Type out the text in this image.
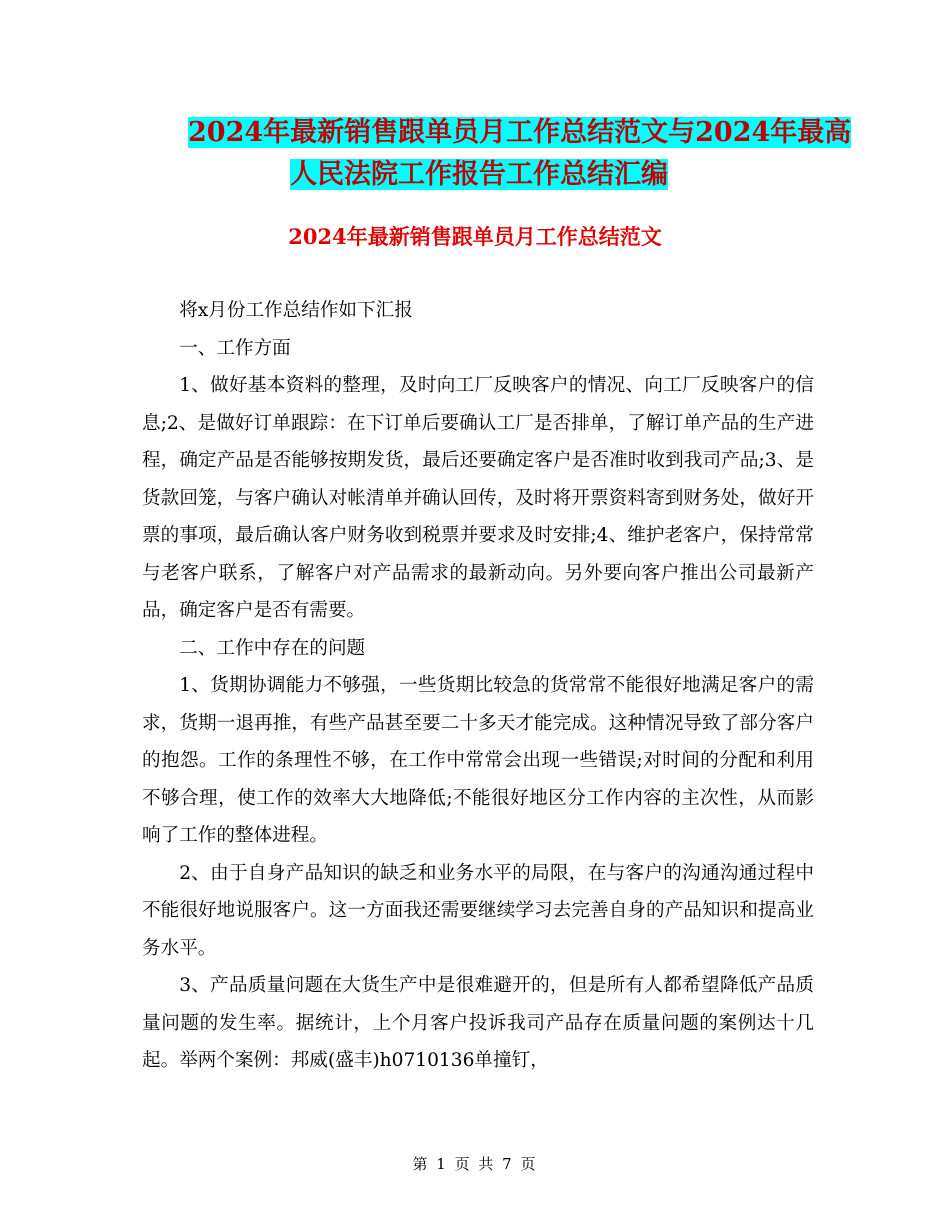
2024年最新销售跟单员月工作总结范文与2024年最高
人民法院工作报告工作总结汇编
2024年最新销售跟单员月工作总结范文

将x月份工作总结作如下汇报

一、工作方面

1、做好基本资料的整理，及时向工厂反映客户的情况、向工厂反映客户的信息;2、是做好订单跟踪：在下订单后要确认工厂是否排单，了解订单产品的生产进程，确定产品是否能够按期发货，最后还要确定客户是否准时收到我司产品;3、是货款回笼，与客户确认对帐清单并确认回传，及时将开票资料寄到财务处，做好开票的事项，最后确认客户财务收到税票并要求及时安排;4、维护老客户，保持常常与老客户联系，了解客户对产品需求的最新动向。另外要向客户推出公司最新产品，确定客户是否有需要。

二、工作中存在的问题

1、货期协调能力不够强，一些货期比较急的货常常不能很好地满足客户的需求，货期一退再推，有些产品甚至要二十多天才能完成。这种情况导致了部分客户的抱怨。工作的条理性不够，在工作中常常会出现一些错误;对时间的分配和利用不够合理，使工作的效率大大地降低;不能很好地区分工作内容的主次性，从而影响了工作的整体进程。

2、由于自身产品知识的缺乏和业务水平的局限，在与客户的沟通沟通过程中不能很好地说服客户。这一方面我还需要继续学习去完善自身的产品知识和提高业务水平。

3、产品质量问题在大货生产中是很难避开的，但是所有人都希望降低产品质量问题的发生率。据统计，上个月客户投诉我司产品存在质量问题的案例达十几起。举两个案例：邦威(盛丰)h0710136单撞钉，

第 1 页 共 7 页
